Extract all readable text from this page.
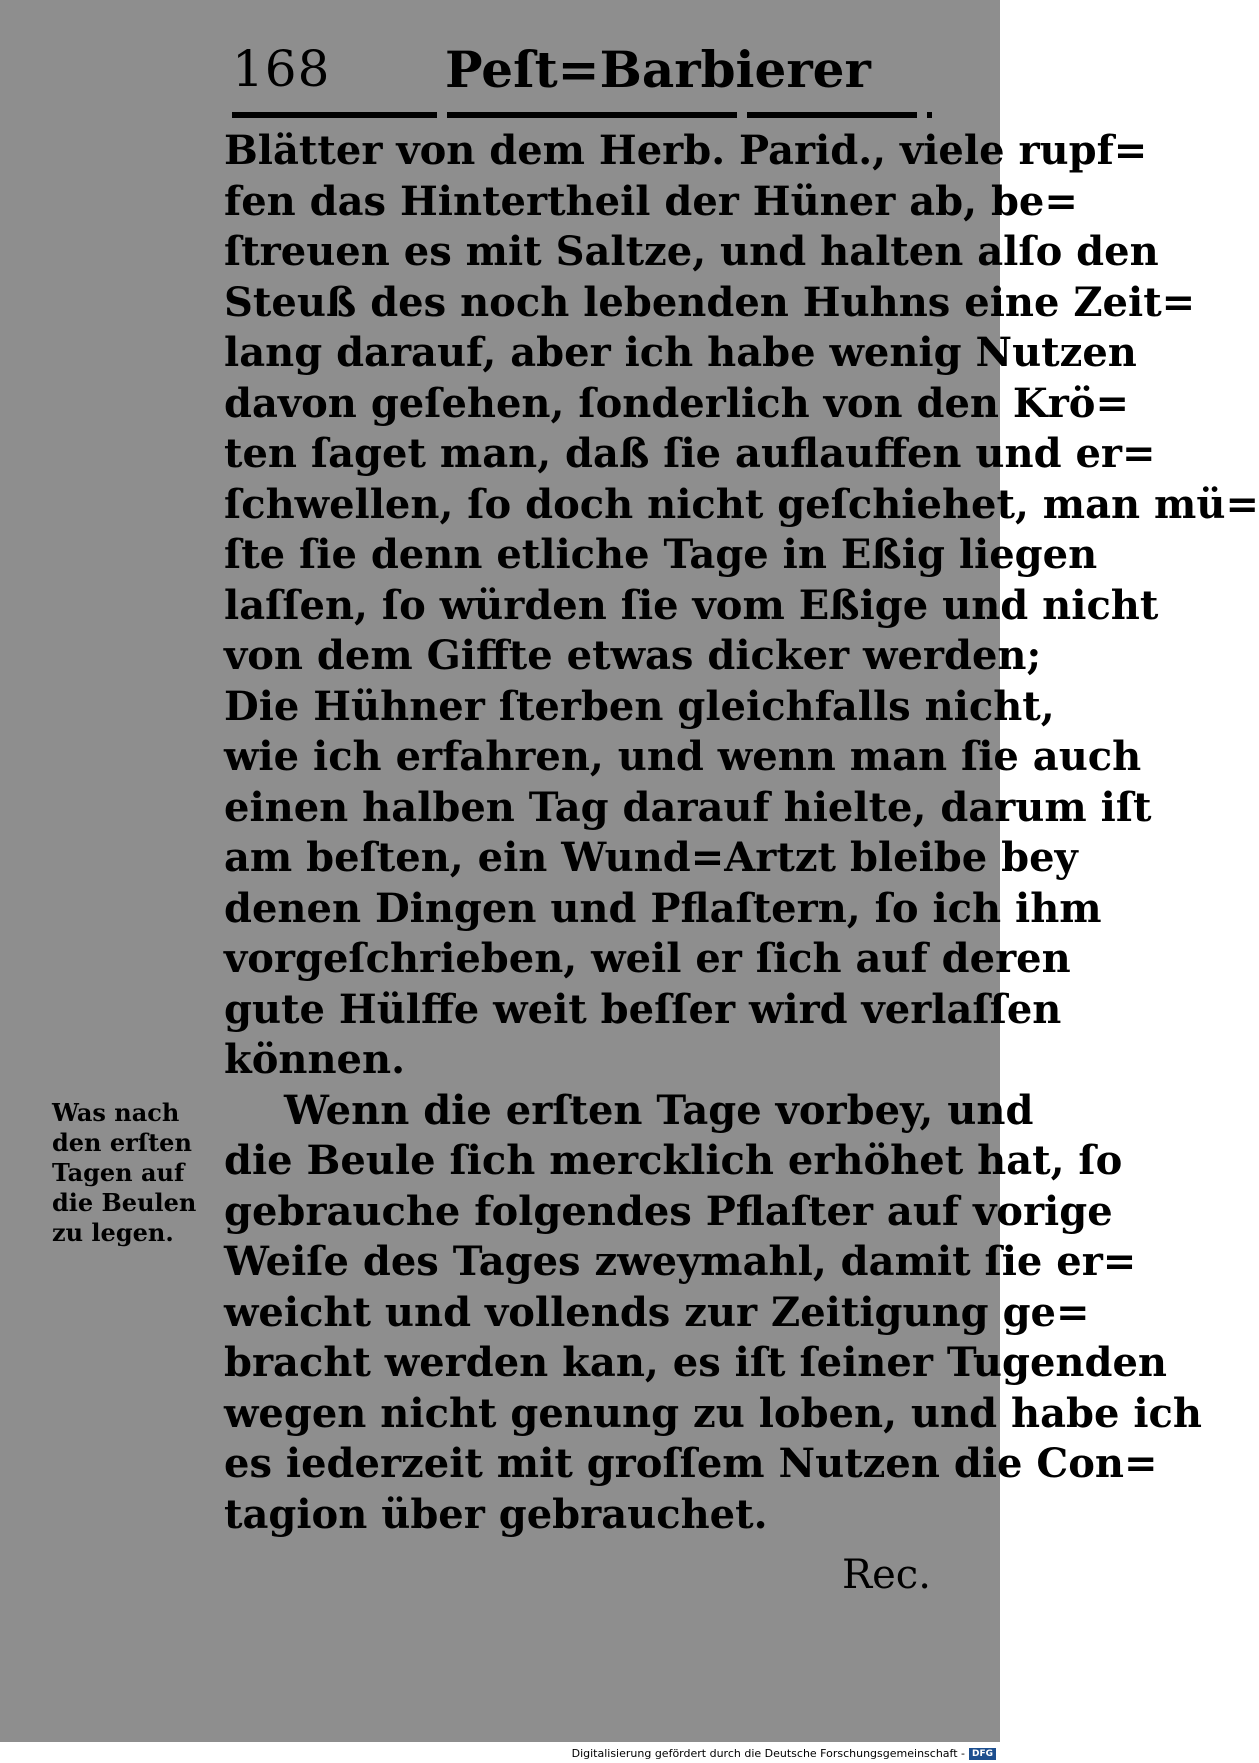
168 Peſt=Barbierer
Blätter von dem Herb. Parid., viele rupf=
fen das Hintertheil der Hüner ab, be=
ſtreuen es mit Saltze, und halten alſo den
Steuß des noch lebenden Huhns eine Zeit=
lang darauf, aber ich habe wenig Nutzen
davon geſehen, ſonderlich von den Krö=
ten ſaget man, daß ſie auflauffen und er=
ſchwellen, ſo doch nicht geſchiehet, man mü=
ſte ſie denn etliche Tage in Eßig liegen
laſſen, ſo würden ſie vom Eßige und nicht
von dem Giffte etwas dicker werden;
Die Hühner ſterben gleichfalls nicht,
wie ich erfahren, und wenn man ſie auch
einen halben Tag darauf hielte, darum iſt
am beſten, ein Wund=Artzt bleibe bey
denen Dingen und Pflaſtern, ſo ich ihm
vorgeſchrieben, weil er ſich auf deren
gute Hülffe weit beſſer wird verlaſſen
können.
Wenn die erſten Tage vorbey, und
die Beule ſich mercklich erhöhet hat, ſo
gebrauche folgendes Pflaſter auf vorige
Weiſe des Tages zweymahl, damit ſie er=
weicht und vollends zur Zeitigung ge=
bracht werden kan, es iſt ſeiner Tugenden
wegen nicht genung zu loben, und habe ich
es iederzeit mit groſſem Nutzen die Con=
tagion über gebrauchet.
Was nach
den erſten
Tagen auf
die Beulen
zu legen.
Rec.
Digitalisierung gefördert durch die Deutsche Forschungsgemeinschaft - DFG
